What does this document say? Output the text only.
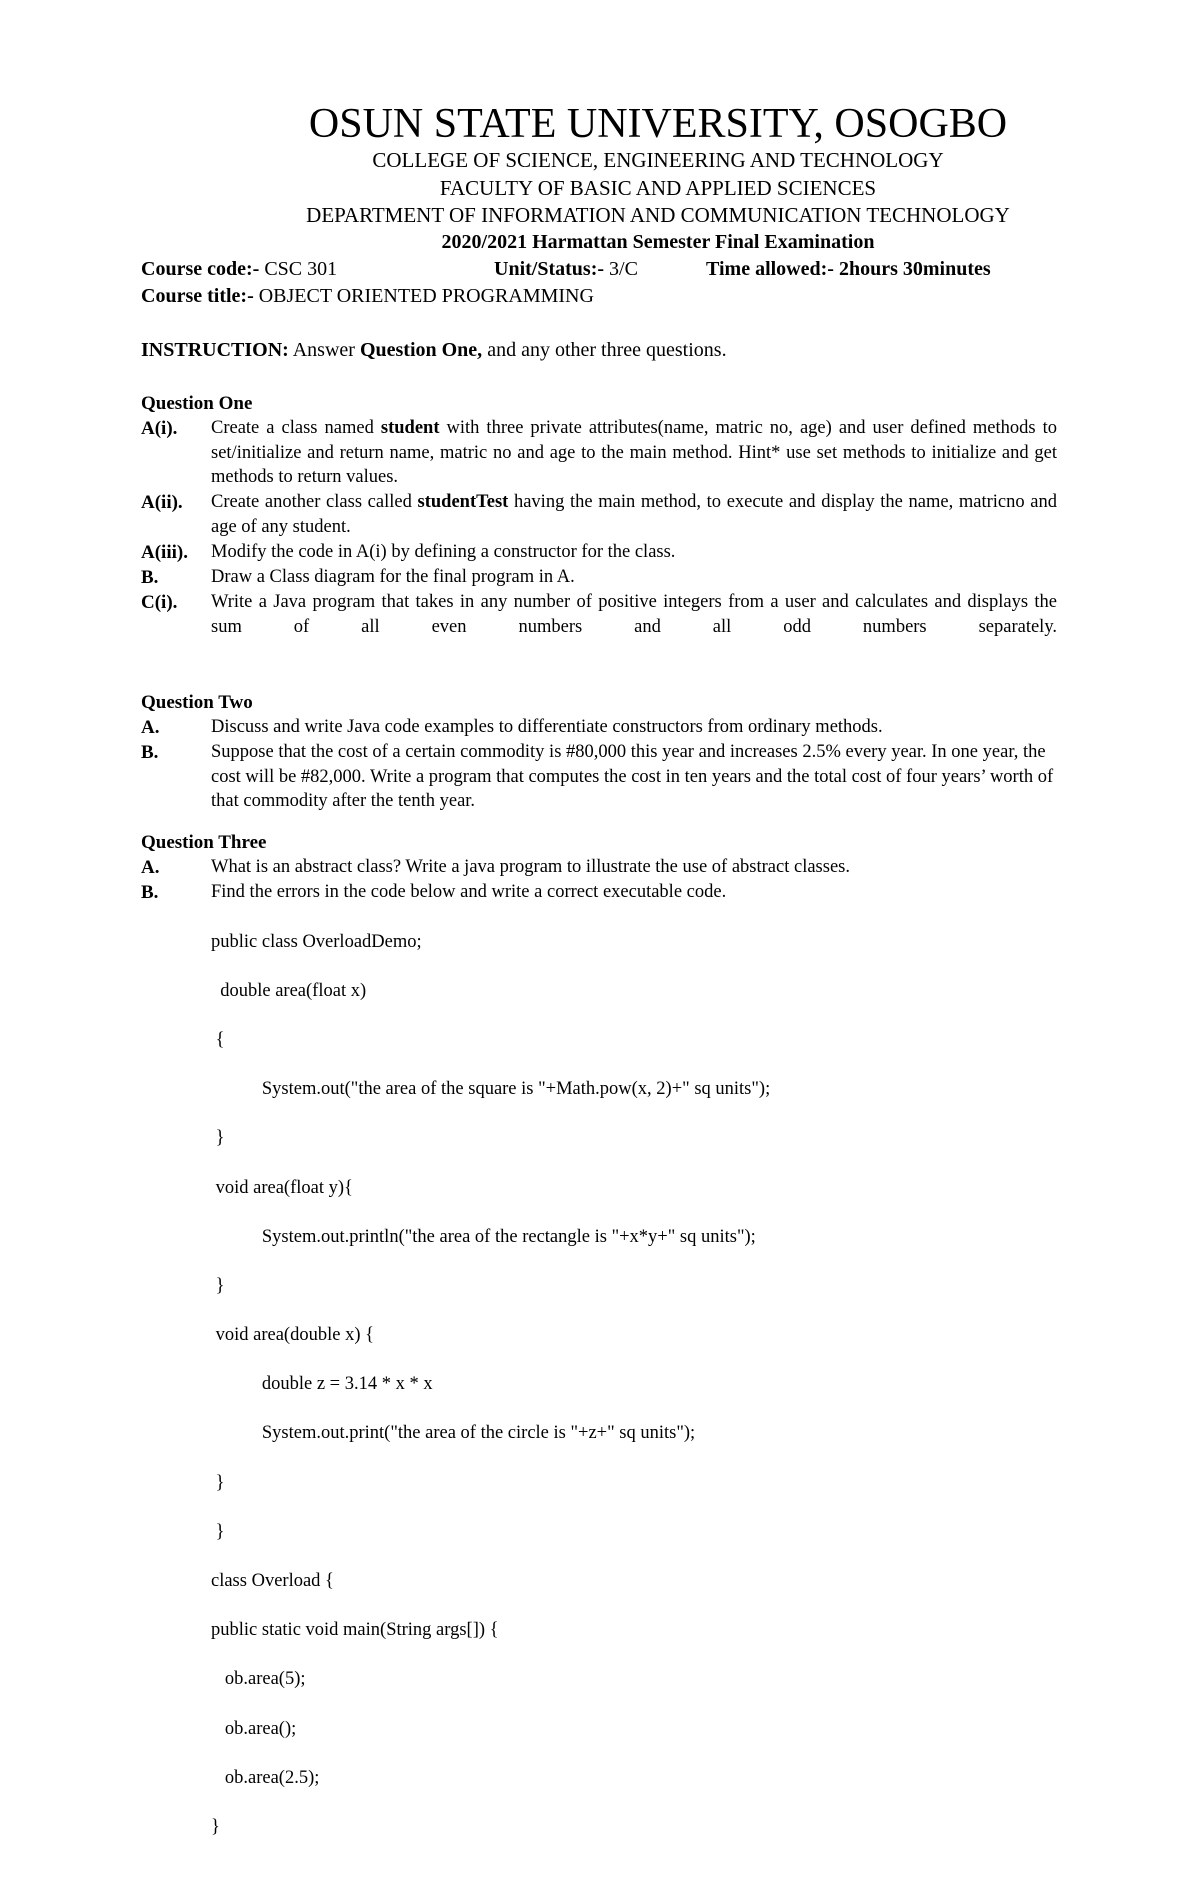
OSUN STATE UNIVERSITY, OSOGBO
COLLEGE OF SCIENCE, ENGINEERING AND TECHNOLOGY
FACULTY OF BASIC AND APPLIED SCIENCES
DEPARTMENT OF INFORMATION AND COMMUNICATION TECHNOLOGY
2020/2021 Harmattan Semester Final Examination
Course code:- CSC 301	Unit/Status:- 3/C	Time allowed:- 2hours 30minutes
Course title:- OBJECT ORIENTED PROGRAMMING
INSTRUCTION: Answer Question One, and any other three questions.
Question One
A(i). Create a class named student with three private attributes(name, matric no, age) and user defined methods to set/initialize and return name, matric no and age to the main method. Hint* use set methods to initialize and get methods to return values.
A(ii). Create another class called studentTest having the main method, to execute and display the name, matricno and age of any student.
A(iii). Modify the code in A(i) by defining a constructor for the class.
B.	Draw a Class diagram for the final program in A.
C(i). Write a Java program that takes in any number of positive integers from a user and calculates and displays the sum of all even numbers and all odd numbers separately.
Question Two
A.	Discuss and write Java code examples to differentiate constructors from ordinary methods.
B.	Suppose that the cost of a certain commodity is #80,000 this year and increases 2.5% every year. In one year, the cost will be #82,000. Write a program that computes the cost in ten years and the total cost of four years’ worth of that commodity after the tenth year.
Question Three
A.	What is an abstract class? Write a java program to illustrate the use of abstract classes.
B.	Find the errors in the code below and write a correct executable code.

public class OverloadDemo;

double area(float x)

{

System.out("the area of the square is "+Math.pow(x, 2)+" sq units");

}

void area(float y){

System.out.println("the area of the rectangle is "+x*y+" sq units");

}

void area(double x) {

double z = 3.14 * x * x

System.out.print("the area of the circle is "+z+" sq units");

}

}

class Overload {

public static void main(String args[]) {

ob.area(5);

ob.area();

ob.area(2.5);

}
